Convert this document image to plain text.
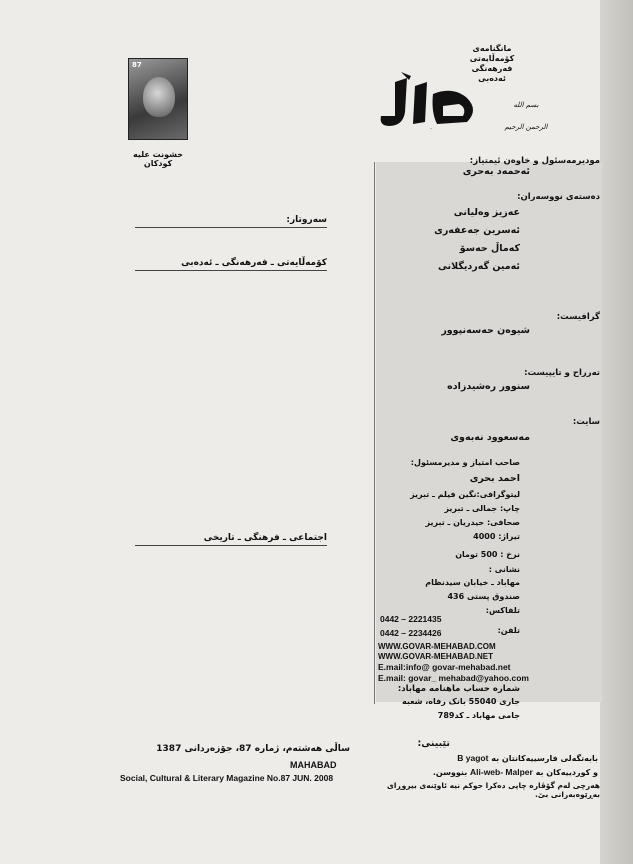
87
خشونت علیه کودکان
مهاباد
مانگنامەی
کۆمەڵایەتی
فەرهەنگی
ئەدەبی
بسم الله الرحمن الرحيم
مودیرمەسئول و خاوەن ئیمتیاز:
ئەحمەد بەحری
دەستەی نووسەران:
عەزیز وەلیانی
ئەسرین جەعفەری
کەماڵ حەسۆ
ئەمین گەردیگلانی
گرافیست:
شیوەن حەسەنپوور
تەرراح و تایپیست:
سنوور رەشیدزادە
سایت:
مەسعوود نەبەوی
صاحب امتیاز و مدیرمسئول:
احمد بحری
لیتوگرافی:نگین فیلم ـ تبریز
چاپ: جمالی ـ تبریز
صحافی: حیدریان ـ تبریز
تیراژ: 4000
نرخ : 500 تومان
نشانی :
مهاباد ـ خیابان سیدنظام
صندوق پستی 436
تلفاکس:
0442 – 2221435
تلفن:
0442 – 2234426
WWW.GOVAR-MEHABAD.COM
WWW.GOVAR-MEHABAD.NET
E.mail:info@ govar-mehabad.net
E.mail: govar_ mehabad@yahoo.com
شمارە حساب ماهنامە مهاباد:
جاری 55040 بانک رفاه، شعبه
جامی مهاباد ـ کد789
تێبینی:
بابەتگەلی فارسییەکانتان بە B yagot
و کوردییەکان بە Ali-web- Malper بنووسن.
هەرچی لەم گۆڤارە چاپی دەکرا حوکم نیە ئاوێنەی بیروڕای بەڕێوەبەرانی بێ.
ساڵی هەشتەم، ژمارە 87، جۆزەردانی 1387
MAHABAD
Social, Cultural & Literary Magazine No.87 JUN. 2008
سەروتار:
کۆمەڵایەتی ـ فەرهەنگی ـ ئەدەبی
اجتماعی ـ فرهنگی ـ تاریخی
